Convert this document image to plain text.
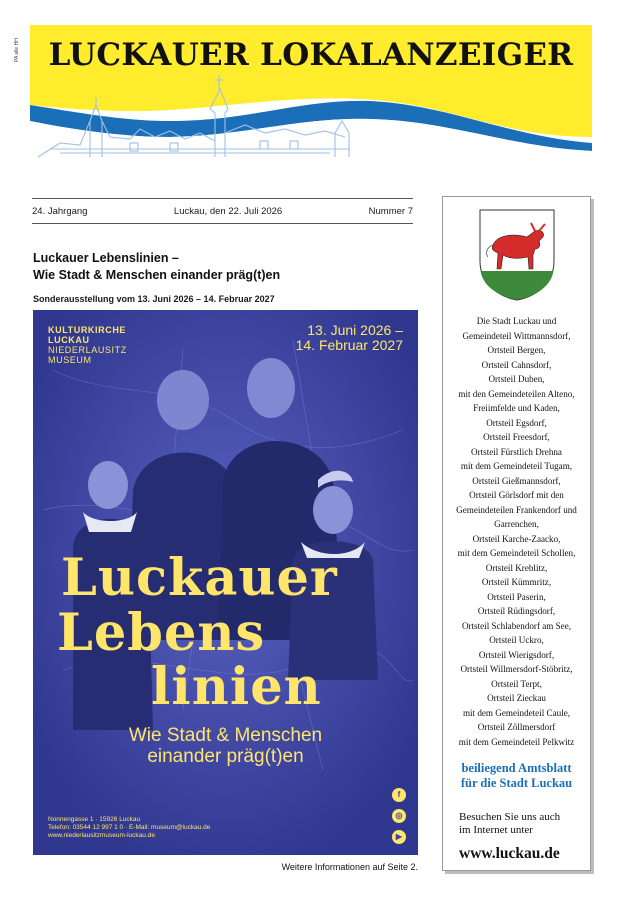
PA alle HH LUCKAUER LOKALANZEIGER
24. Jahrgang	Luckau, den 22. Juli 2026	Nummer 7
Luckauer Lebenslinien –
Wie Stadt & Menschen einander präg(t)en
Sonderausstellung vom 13. Juni 2026 – 14. Februar 2027
KULTURKIRCHE
LUCKAU
NIEDERLAUSITZ
MUSEUM
13. Juni 2026 –
14. Februar 2027
Luckauer
Lebens
linien
Wie Stadt & Menschen
einander präg(t)en
Nonnengasse 1 · 15926 Luckau
Telefon: 03544 12 997 1 0 · E-Mail: museum@luckau.de
www.niederlausitzmuseum-luckau.de
f
◎
▶
Weitere Informationen auf Seite 2.
Die Stadt Luckau und
Gemeindeteil Wittmannsdorf,
Ortsteil Bergen,
Ortsteil Cahnsdorf,
Ortsteil Duben,
mit den Gemeindeteilen Alteno,
Freiimfelde und Kaden,
Ortsteil Egsdorf,
Ortsteil Freesdorf,
Ortsteil Fürstlich Drehna
mit dem Gemeindeteil Tugam,
Ortsteil Gießmannsdorf,
Ortsteil Görlsdorf mit den
Gemeindeteilen Frankendorf und
Garrenchen,
Ortsteil Karche-Zaacko,
mit dem Gemeindeteil Schollen,
Ortsteil Kreblitz,
Ortsteil Kümmritz,
Ortsteil Paserin,
Ortsteil Rüdingsdorf,
Ortsteil Schlabendorf am See,
Ortsteil Uckro,
Ortsteil Wierigsdorf,
Ortsteil Willmersdorf-Stöbritz,
Ortsteil Terpt,
Ortsteil Zieckau
mit dem Gemeindeteil Caule,
Ortsteil Zöllmersdorf
mit dem Gemeindeteil Pelkwitz
beiliegend Amtsblatt
für die Stadt Luckau
Besuchen Sie uns auch
im Internet unter
www.luckau.de
